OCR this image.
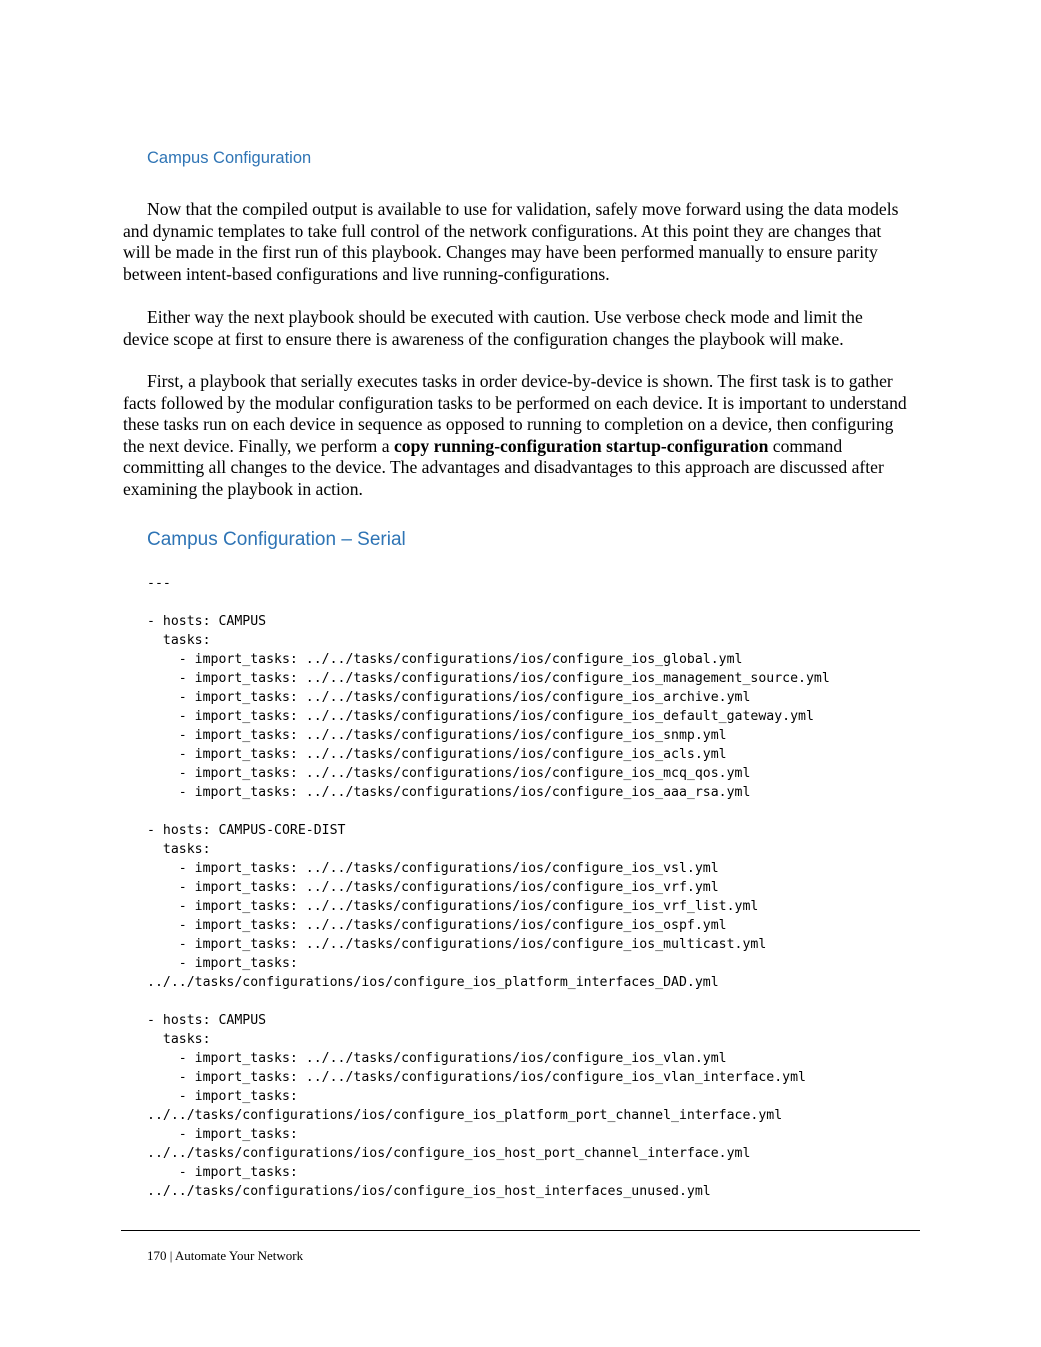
Campus Configuration

Now that the compiled output is available to use for validation, safely move forward using the data models and dynamic templates to take full control of the network configurations. At this point they are changes that will be made in the first run of this playbook. Changes may have been performed manually to ensure parity between intent-based configurations and live running-configurations.

Either way the next playbook should be executed with caution. Use verbose check mode and limit the device scope at first to ensure there is awareness of the configuration changes the playbook will make.

First, a playbook that serially executes tasks in order device-by-device is shown. The first task is to gather facts followed by the modular configuration tasks to be performed on each device. It is important to understand these tasks run on each device in sequence as opposed to running to completion on a device, then configuring the next device. Finally, we perform a copy running-configuration startup-configuration command committing all changes to the device. The advantages and disadvantages to this approach are discussed after examining the playbook in action.

Campus Configuration – Serial
---

- hosts: CAMPUS
tasks:
- import_tasks: ../../tasks/configurations/ios/configure_ios_global.yml
- import_tasks: ../../tasks/configurations/ios/configure_ios_management_source.yml
- import_tasks: ../../tasks/configurations/ios/configure_ios_archive.yml
- import_tasks: ../../tasks/configurations/ios/configure_ios_default_gateway.yml
- import_tasks: ../../tasks/configurations/ios/configure_ios_snmp.yml
- import_tasks: ../../tasks/configurations/ios/configure_ios_acls.yml
- import_tasks: ../../tasks/configurations/ios/configure_ios_mcq_qos.yml
- import_tasks: ../../tasks/configurations/ios/configure_ios_aaa_rsa.yml

- hosts: CAMPUS-CORE-DIST
tasks:
- import_tasks: ../../tasks/configurations/ios/configure_ios_vsl.yml
- import_tasks: ../../tasks/configurations/ios/configure_ios_vrf.yml
- import_tasks: ../../tasks/configurations/ios/configure_ios_vrf_list.yml
- import_tasks: ../../tasks/configurations/ios/configure_ios_ospf.yml
- import_tasks: ../../tasks/configurations/ios/configure_ios_multicast.yml
- import_tasks:
../../tasks/configurations/ios/configure_ios_platform_interfaces_DAD.yml

- hosts: CAMPUS
tasks:
- import_tasks: ../../tasks/configurations/ios/configure_ios_vlan.yml
- import_tasks: ../../tasks/configurations/ios/configure_ios_vlan_interface.yml
- import_tasks:
../../tasks/configurations/ios/configure_ios_platform_port_channel_interface.yml
- import_tasks:
../../tasks/configurations/ios/configure_ios_host_port_channel_interface.yml
- import_tasks:
../../tasks/configurations/ios/configure_ios_host_interfaces_unused.yml
170 | Automate Your Network
